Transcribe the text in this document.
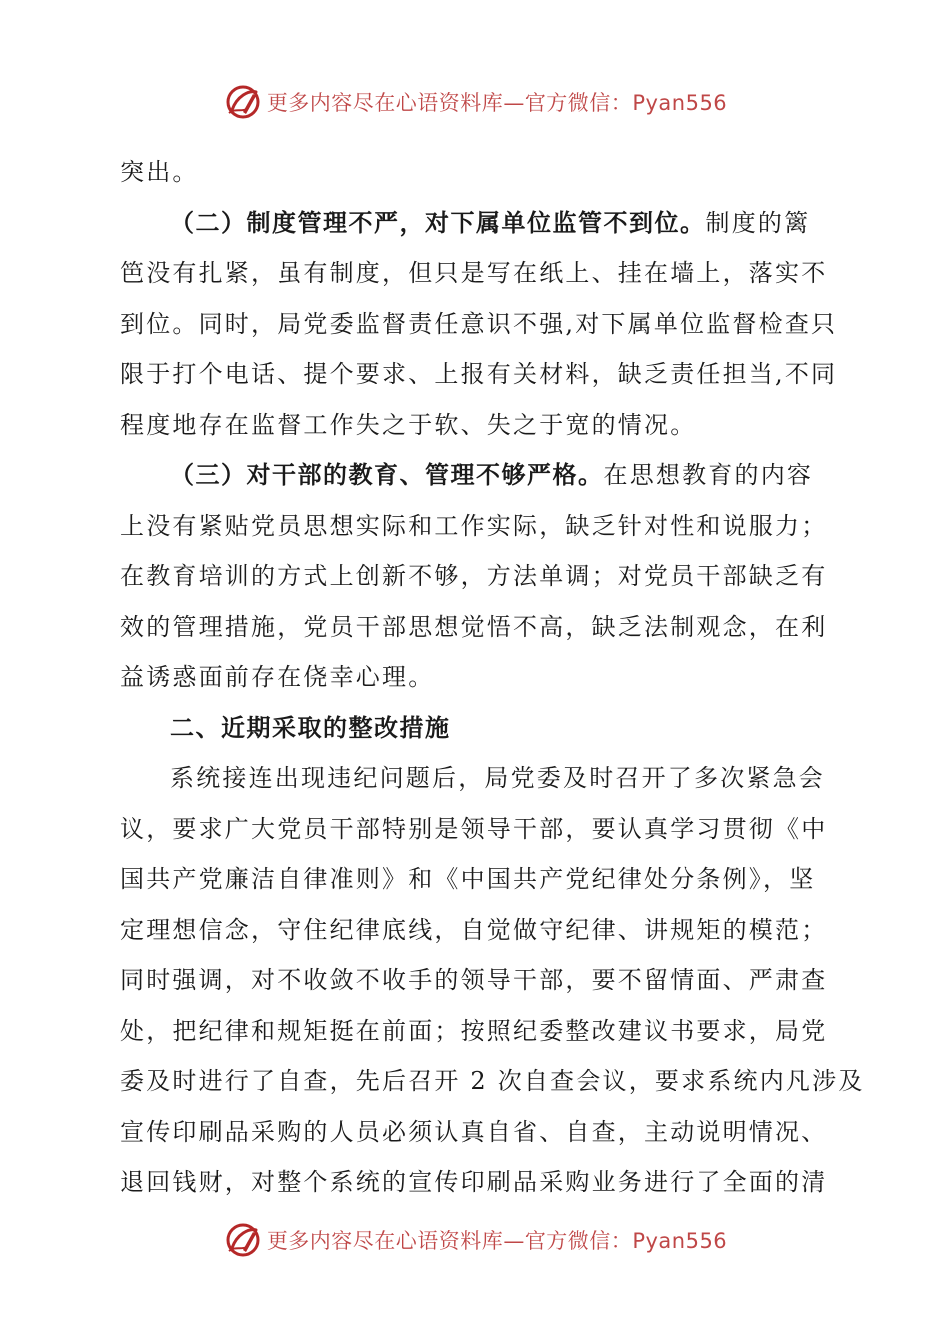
更多内容尽在心语资料库—官方微信：Pyan556
突出。
（二）制度管理不严，对下属单位监管不到位。制度的篱
笆没有扎紧，虽有制度，但只是写在纸上、挂在墙上，落实不
到位。同时，局党委监督责任意识不强,对下属单位监督检查只
限于打个电话、提个要求、上报有关材料，缺乏责任担当,不同
程度地存在监督工作失之于软、失之于宽的情况。
（三）对干部的教育、管理不够严格。在思想教育的内容
上没有紧贴党员思想实际和工作实际，缺乏针对性和说服力；
在教育培训的方式上创新不够，方法单调；对党员干部缺乏有
效的管理措施，党员干部思想觉悟不高，缺乏法制观念，在利
益诱惑面前存在侥幸心理。
二、近期采取的整改措施
系统接连出现违纪问题后，局党委及时召开了多次紧急会
议，要求广大党员干部特别是领导干部，要认真学习贯彻《中
国共产党廉洁自律准则》和《中国共产党纪律处分条例》，坚
定理想信念，守住纪律底线，自觉做守纪律、讲规矩的模范；
同时强调，对不收敛不收手的领导干部，要不留情面、严肃查
处，把纪律和规矩挺在前面；按照纪委整改建议书要求，局党
委及时进行了自查，先后召开 2 次自查会议，要求系统内凡涉及
宣传印刷品采购的人员必须认真自省、自查，主动说明情况、
退回钱财，对整个系统的宣传印刷品采购业务进行了全面的清
更多内容尽在心语资料库—官方微信：Pyan556
